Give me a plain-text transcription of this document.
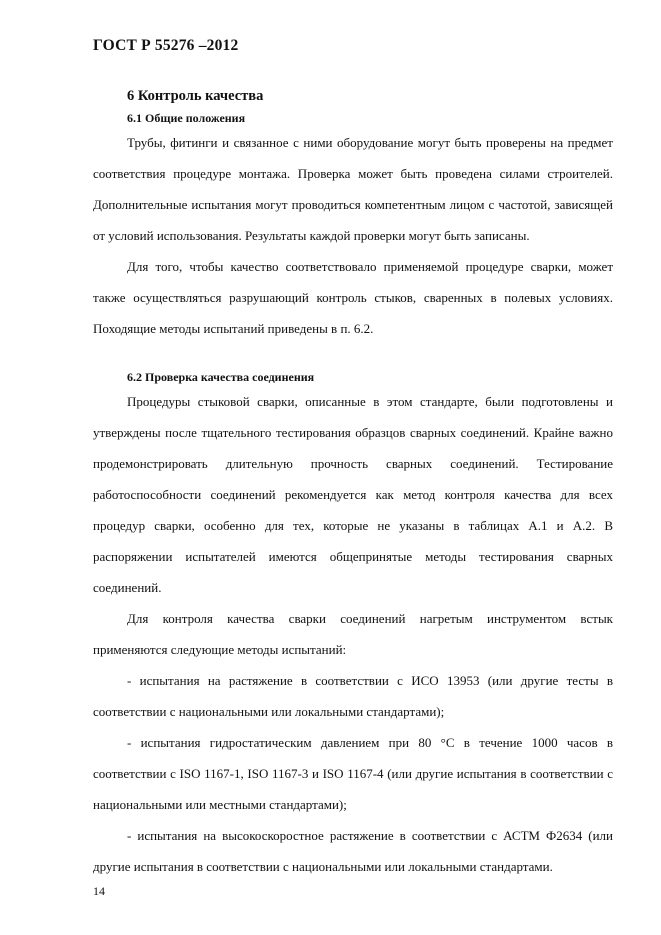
ГОСТ Р 55276 –2012
6 Контроль качества
6.1 Общие положения

Трубы, фитинги и связанное с ними оборудование могут быть проверены на предмет соответствия процедуре монтажа. Проверка может быть проведена силами строителей. Дополнительные испытания могут проводиться компетентным лицом с частотой, зависящей от условий использования. Результаты каждой проверки могут быть записаны.

Для того, чтобы качество соответствовало применяемой процедуре сварки, может также осуществляться разрушающий контроль стыков, сваренных в полевых условиях. Походящие методы испытаний приведены в п. 6.2.

6.2 Проверка качества соединения

Процедуры стыковой сварки, описанные в этом стандарте, были подготовлены и утверждены после тщательного тестирования образцов сварных соединений. Крайне важно продемонстрировать длительную прочность сварных соединений. Тестирование работоспособности соединений рекомендуется как метод контроля качества для всех процедур сварки, особенно для тех, которые не указаны в таблицах А.1 и А.2. В распоряжении испытателей имеются общепринятые методы тестирования сварных соединений.

Для контроля качества сварки соединений нагретым инструментом встык применяются следующие методы испытаний:

- испытания на растяжение в соответствии с ИСО 13953 (или другие тесты в соответствии с национальными или локальными стандартами);

- испытания гидростатическим давлением при 80 °С в течение 1000 часов в соответствии с ISO 1167-1, ISO 1167-3 и ISO 1167-4 (или другие испытания в соответствии с национальными или местными стандартами);

- испытания на высокоскоростное растяжение в соответствии с АСТМ Ф2634 (или другие испытания в соответствии с национальными или локальными стандартами.

14
